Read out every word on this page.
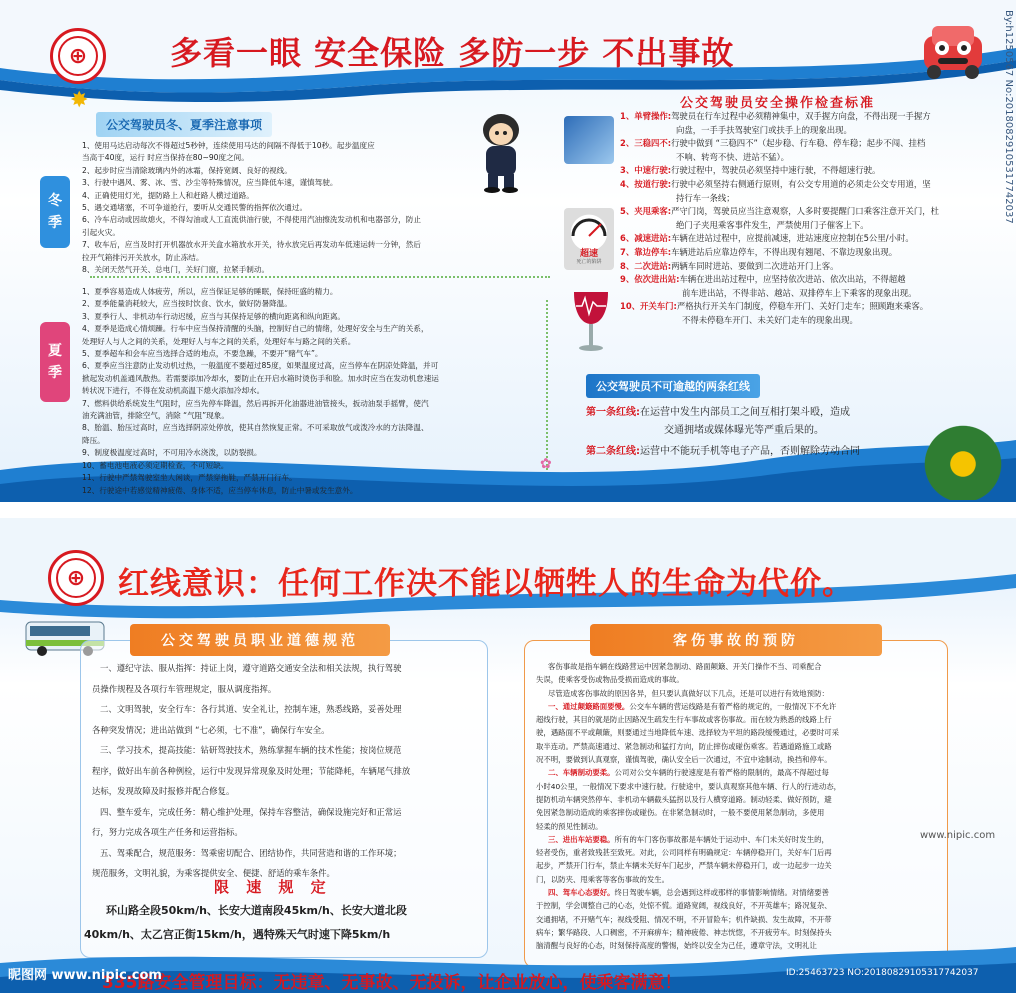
⊕	多看一眼 安全保险 多防一步 不出事故	By:h1250567 No:20180829105317742037
✸
公交驾驶员冬、夏季注意事项
冬
季
夏
季

1、使用马达启动每次不得超过5秒钟，连续使用马达的间隔不得低于10秒。起步温度应

当高于40度，运行 时应当保持在80~90度之间。

2、起步时应当清除玻璃内外的冰霜，保持宽阔、良好的视线。

3、行驶中遇风、雾、冰、雪、沙尘等特殊情况，应当降低车速，谨慎驾驶。

4、正确使用灯光，提防路上人和赶路人横过道路。

5、遇交通堵塞，不可争道抢行，要听从交通民警的指挥依次通过。

6、冷车启动或因故熄火，不得勾油或人工直流供油行驶，不得使用汽油擦洗发动机和电器部分，防止

引起火灾。

7、收车后，应当及时打开机器放水开关盒水箱放水开关，待水放完后再发动车低速运转一分钟，然后

拉开气箱排污开关放水，防止冻结。

8、关闭天然气开关、总电门，关好门窗，拉紧手制动。

1、夏季容易造成人体疲劳，所以，应当保证足够的睡眠，保持旺盛的精力。

2、夏季能量消耗较大，应当按时饮食、饮水，做好防暑降温。

3、夏季行人、非机动车行动迟缓，应当与其保持足够的横向距离和纵向距离。

4、夏季是造成心情烦躁。行车中应当保持清醒的头脑，控制好自己的情绪，处理好安全与生产的关系，

处理好人与人之间的关系，处理好人与车之间的关系，处理好车与路之间的关系。

5、夏季超车和会车应当选择合适的地点，不要急躁，不要开“赌气车”。

6、夏季应当注意防止发动机过热，一般温度不要超过85度，如果温度过高，应当停车在阴凉处降温，并可

掀起发动机盖通风散热。若需要添加冷却水，要防止在开启水箱时烫伤手和脸。加水时应当在发动机怠速运

转状况下进行，不得在发动机高温下熄火添加冷却水。

7、燃料供给系统发生气阻时，应当先停车降温，然后再拆开化油器进油管接头，扳动油泵手摇臂，使汽

油充满油管，排除空气，消除 “气阻”现象。

8、胎温、胎压过高时，应当选择阴凉处停放，使其自然恢复正常。不可采取放气或泼冷水的方法降温、

降压。

9、制度极温度过高时，不可用冷水浇泼，以防裂损。

10、蓄电池电液必须定期检查，不可短缺。

11、行驶中严禁驾驶室坐人闲谈，严禁穿拖鞋，严禁开门行车。

12、行驶途中若感觉精神疲倦、身体不适，应当停车休息，防止中暑或发生意外。

✿
公交驾驶员安全操作检查标准
超速
死亡的陷阱

1、单臂操作:驾驶员在行车过程中必须精神集中，双手握方向盘，不得出现一手握方

向盘，一手手扶驾驶室门或扶手上的现象出现。

2、三稳四不:行驶中做到 “三稳四不”（起步稳、行车稳、停车稳；起步不闯、挂档

不响、转弯不快、进站不猛）。

3、中速行驶:行驶过程中，驾驶员必须坚持中速行驶，不得超速行驶。

4、按道行驶:行驶中必须坚持右侧通行原则，有公交专用道的必须走公交专用道，坚

持行车一条线；

5、夹甩乘客:严守门岗，驾驶员应当注意观察，人多时要提醒门口乘客注意开关门，杜

绝门子夹甩乘客事件发生，严禁使用门子催客上下。

6、减速进站:车辆在进站过程中，应提前减速，进站速度应控制在5公里/小时。

7、靠边停车:车辆进站后应靠边停车，不得出现有翘尾、不靠边现象出现。

8、二次进站:两辆车同时进站、要做到二次进站开门上客。

9、依次进出站:车辆在进出站过程中，应坚持依次进站、依次出站，不得超越

前车进出站，不得非站、越站、双排停车上下乘客的现象出现。

10、开关车门:严格执行开关车门制度，停稳车开门、关好门走车；照顾跑来乘客。

不得未停稳车开门、未关好门走车的现象出现。

公交驾驶员不可逾越的两条红线

第一条红线:在运营中发生内部员工之间互相打架斗殴，造成

交通拥堵或媒体曝光等严重后果的。

第二条红线:运营中不能玩手机等电子产品，否则解除劳动合同

⊕	红线意识：任何工作决不能以牺牲人的生命为代价。
公交驾驶员职业道德规范

一、遵纪守法、服从指挥：持证上岗，遵守道路交通安全法和相关法规，执行驾驶

员操作规程及各项行车管理规定，服从调度指挥。

二、文明驾驶，安全行车：各行其道、安全礼让，控制车速，熟悉线路，妥善处理

各种突发情况；进出站做到 “七必须，七不准”，确保行车安全。

三、学习技术，提高技能：钻研驾驶技术，熟练掌握车辆的技术性能；按岗位规范

程序，做好出车前各种例检，运行中发现异常现象及时处理；节能降耗，车辆尾气排放

达标，发现故障及时报修并配合修复。

四、整车爱车，完成任务：精心维护处理，保持车容整洁，确保设施完好和正常运

行，努力完成各项生产任务和运营指标。

五、驾乘配合，规范服务：驾乘密切配合、团结协作，共同营造和谐的工作环境；

规范服务，文明礼貌，为乘客提供安全、便捷、舒适的乘车条件。

限 速 规 定
环山路全段50km/h、长安大道南段45km/h、长安大道北段
40km/h、太乙宫正街15km/h，遇特殊天气时速下降5km/h
客伤事故的预防

客伤事故是指车辆在线路营运中因紧急制动、路面颠簸、开关门操作不当、司乘配合

失误，使乘客受伤或物品受损而造成的事故。

尽管造成客伤事故的原因各异，但只要认真做好以下几点，还是可以进行有效地预防：

一、通过颠簸路面要慢。公交车车辆的营运线路是有着严格的规定的，一般情况下不允许

超线行驶，其目的就是防止因路况生疏发生行车事故或客伤事故。而在较为熟悉的线路上行

驶，遇路面不平或颠簸，则要通过当地降低车速、选择较为平坦的路段缓慢通过，必要时可采

取半连动。严禁高速通过、紧急制动和猛打方向，防止摔伤或碰伤乘客。若遇道路施工或路

况不明，要做到认真观察，谨慎驾驶，确认安全后一次通过，不宜中途制动，换挡和停车。

二、车辆制动要柔。公司对公交车辆的行驶速度是有着严格的限制的，最高不得超过每

小时40公里，一般情况下要求中速行驶。行驶途中，要认真观察其他车辆、行人的行进动态，

提防机动车辆突然停车、非机动车辆截头猛拐以及行人横穿道路。制动轻柔、做好预防，避

免因紧急制动造成的乘客摔伤或碰伤。在非紧急制动时，一般不要使用紧急制动，多使用

轻柔的预见性制动。

三、进出车站要稳。所有的车门客伤事故都是车辆处于运动中、车门未关好时发生的，

轻者受伤，重者致残甚至致死。对此，公司同样有明确规定：车辆停稳开门，关好车门后再

起步，严禁开门行车，禁止车辆未关好车门起步，严禁车辆未停稳开门，或一边起步一边关

门，以防夹、甩乘客等客伤事故的发生。

四、驾车心态要好。终日驾驶车辆，总会遇到这样或那样的事情影响情绪。对情绪要善

于控制，学会调整自己的心态，处惊不慌。道路宽阔，视线良好，不开英雄车；路况复杂、

交通拥堵，不开赌气车；视线受阻、情况不明，不开冒险车；机件缺损、发生故障，不开带

病车；繁华路段、人口稠密，不开麻痹车；精神疲倦、神志恍惚，不开疲劳车。时刻保持头

脑清醒与良好的心态，时刻保持高度的警惕，始终以安全为己任，遵章守法，文明礼让

www.nipic.com
335路安全管理目标：无违章、无事故、无投诉，让企业放心，使乘客满意！
昵图网 www.nipic.com	ID:25463723 NO:20180829105317742037
